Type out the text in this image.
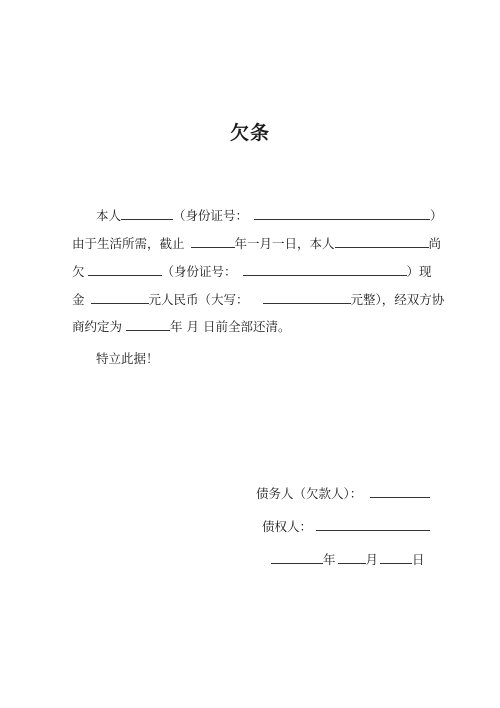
欠条
本人	（身份证号：	）
由于生活所需，截止	年一月一日，本人	尚
欠	（身份证号：	）现
金	元人民币（大写：	元整），经双方协
商约定为	年 月 日前全部还清。
特立此据！
债务人（欠款人）：
债权人：
年 月	日
